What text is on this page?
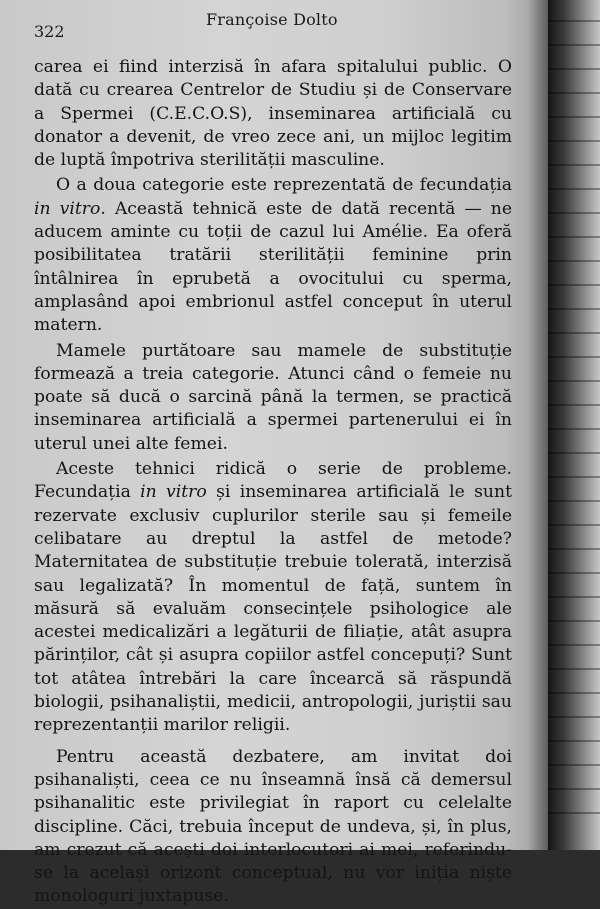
322
Françoise Dolto

carea ei fiind interzisă în afara spitalului public. O dată cu crearea Centrelor de Studiu și de Conservare a Spermei (C.E.C.O.S), inseminarea artificială cu donator a devenit, de vreo zece ani, un mijloc legitim de luptă împotriva sterilității masculine.

O a doua categorie este reprezentată de fecundația in vitro. Această tehnică este de dată recentă — ne aducem aminte cu toții de cazul lui Amélie. Ea oferă posibilitatea tratării sterilității feminine prin întâlnirea în eprubetă a ovocitului cu sperma, amplasând apoi embrionul astfel conceput în uterul matern.

Mamele purtătoare sau mamele de substituție formează a treia categorie. Atunci când o femeie nu poate să ducă o sarcină până la termen, se practică inseminarea artificială a spermei partenerului ei în uterul unei alte femei.

Aceste tehnici ridică o serie de probleme. Fecundația in vitro și inseminarea artificială le sunt rezervate exclusiv cuplurilor sterile sau și femeile celibatare au dreptul la astfel de metode? Maternitatea de substituție trebuie tolerată, interzisă sau legalizată? În momentul de față, suntem în măsură să evaluăm consecințele psihologice ale acestei medicalizări a legăturii de filiație, atât asupra părinților, cât și asupra copiilor astfel concepuți? Sunt tot atâtea întrebări la care încearcă să răspundă biologii, psihanaliștii, medicii, antropologii, juriștii sau reprezentanții marilor religii.

Pentru această dezbatere, am invitat doi psihanaliști, ceea ce nu înseamnă însă că demersul psihanalitic este privilegiat în raport cu celelalte discipline. Căci, trebuia început de undeva, și, în plus, am crezut că acești doi interlocutori ai mei, referindu-se la același orizont conceptual, nu vor iniția niște monologuri juxtapuse.
